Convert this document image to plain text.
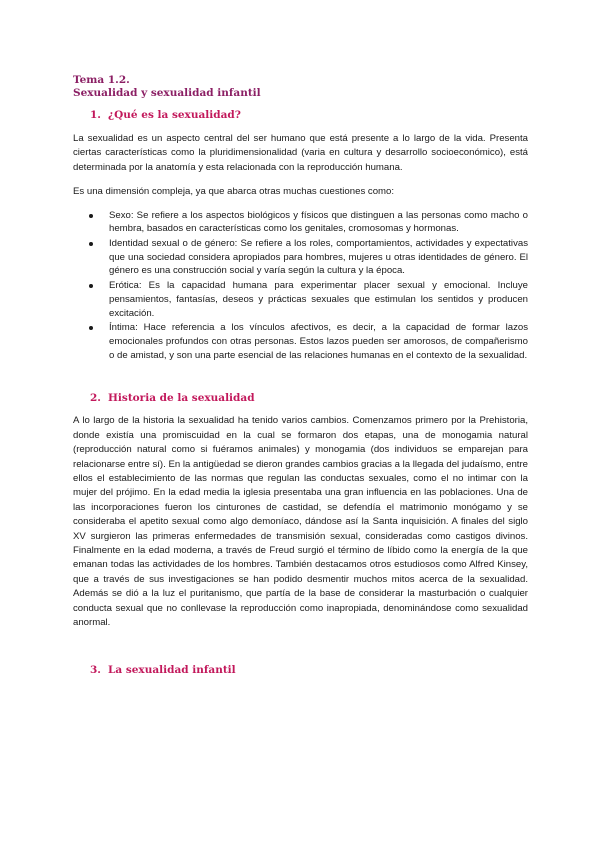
Tema 1.2.

Sexualidad y sexualidad infantil

1. ¿Qué es la sexualidad?

La sexualidad es un aspecto central del ser humano que está presente a lo largo de la vida. Presenta ciertas características como la pluridimensionalidad (varia en cultura y desarrollo socioeconómico), está determinada por la anatomía y esta relacionada con la reproducción humana.

Es una dimensión compleja, ya que abarca otras muchas cuestiones como:

Sexo: Se refiere a los aspectos biológicos y físicos que distinguen a las personas como macho o hembra, basados en características como los genitales, cromosomas y hormonas.
Identidad sexual o de género: Se refiere a los roles, comportamientos, actividades y expectativas que una sociedad considera apropiados para hombres, mujeres u otras identidades de género. El género es una construcción social y varía según la cultura y la época.
Erótica: Es la capacidad humana para experimentar placer sexual y emocional. Incluye pensamientos, fantasías, deseos y prácticas sexuales que estimulan los sentidos y producen excitación.
Íntima: Hace referencia a los vínculos afectivos, es decir, a la capacidad de formar lazos emocionales profundos con otras personas. Estos lazos pueden ser amorosos, de compañerismo o de amistad, y son una parte esencial de las relaciones humanas en el contexto de la sexualidad.

2. Historia de la sexualidad

A lo largo de la historia la sexualidad ha tenido varios cambios. Comenzamos primero por la Prehistoria, donde existía una promiscuidad en la cual se formaron dos etapas, una de monogamia natural (reproducción natural como si fuéramos animales) y monogamia (dos individuos se emparejan para relacionarse entre sí). En la antigüedad se dieron grandes cambios gracias a la llegada del judaísmo, entre ellos el establecimiento de las normas que regulan las conductas sexuales, como el no intimar con la mujer del prójimo. En la edad media la iglesia presentaba una gran influencia en las poblaciones. Una de las incorporaciones fueron los cinturones de castidad, se defendía el matrimonio monógamo y se consideraba el apetito sexual como algo demoníaco, dándose así la Santa inquisición. A finales del siglo XV surgieron las primeras enfermedades de transmisión sexual, consideradas como castigos divinos. Finalmente en la edad moderna, a través de Freud surgió el término de líbido como la energía de la que emanan todas las actividades de los hombres. También destacamos otros estudiosos como Alfred Kinsey, que a través de sus investigaciones se han podido desmentir muchos mitos acerca de la sexualidad. Además se dió a la luz el puritanismo, que partía de la base de considerar la masturbación o cualquier conducta sexual que no conllevase la reproducción como inapropiada, denominándose como sexualidad anormal.

3. La sexualidad infantil
